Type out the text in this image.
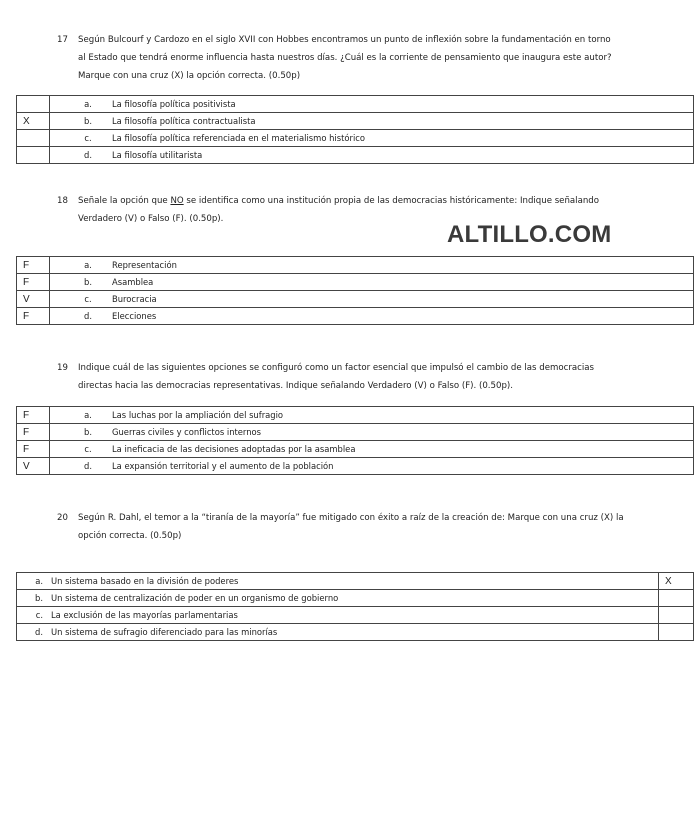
17 Según Bulcourf y Cardozo en el siglo XVII con Hobbes encontramos un punto de inflexión sobre la fundamentación en torno
al Estado que tendrá enorme influencia hasta nuestros días. ¿Cuál es la corriente de pensamiento que inaugura este autor?
Marque con una cruz (X) la opción correcta. (0.50p)
	a.	La filosofía política positivista
X	b.	La filosofía política contractualista
	c.	La filosofía política referenciada en el materialismo histórico
	d.	La filosofía utilitarista
18 Señale la opción que NO se identifica como una institución propia de las democracias históricamente: Indique señalando
Verdadero (V) o Falso (F). (0.50p).
ALTILLO.COM
F	a.	Representación
F	b.	Asamblea
V	c.	Burocracia
F	d.	Elecciones
19 Indique cuál de las siguientes opciones se configuró como un factor esencial que impulsó el cambio de las democracias
directas hacia las democracias representativas. Indique señalando Verdadero (V) o Falso (F). (0.50p).
F	a.	Las luchas por la ampliación del sufragio
F	b.	Guerras civiles y conflictos internos
F	c.	La ineficacia de las decisiones adoptadas por la asamblea
V	d.	La expansión territorial y el aumento de la población
20 Según R. Dahl, el temor a la “tiranía de la mayoría” fue mitigado con éxito a raíz de la creación de: Marque con una cruz (X) la
opción correcta. (0.50p)
a.	Un sistema basado en la división de poderes	X
b.	Un sistema de centralización de poder en un organismo de gobierno	
c.	La exclusión de las mayorías parlamentarias	
d.	Un sistema de sufragio diferenciado para las minorías	
